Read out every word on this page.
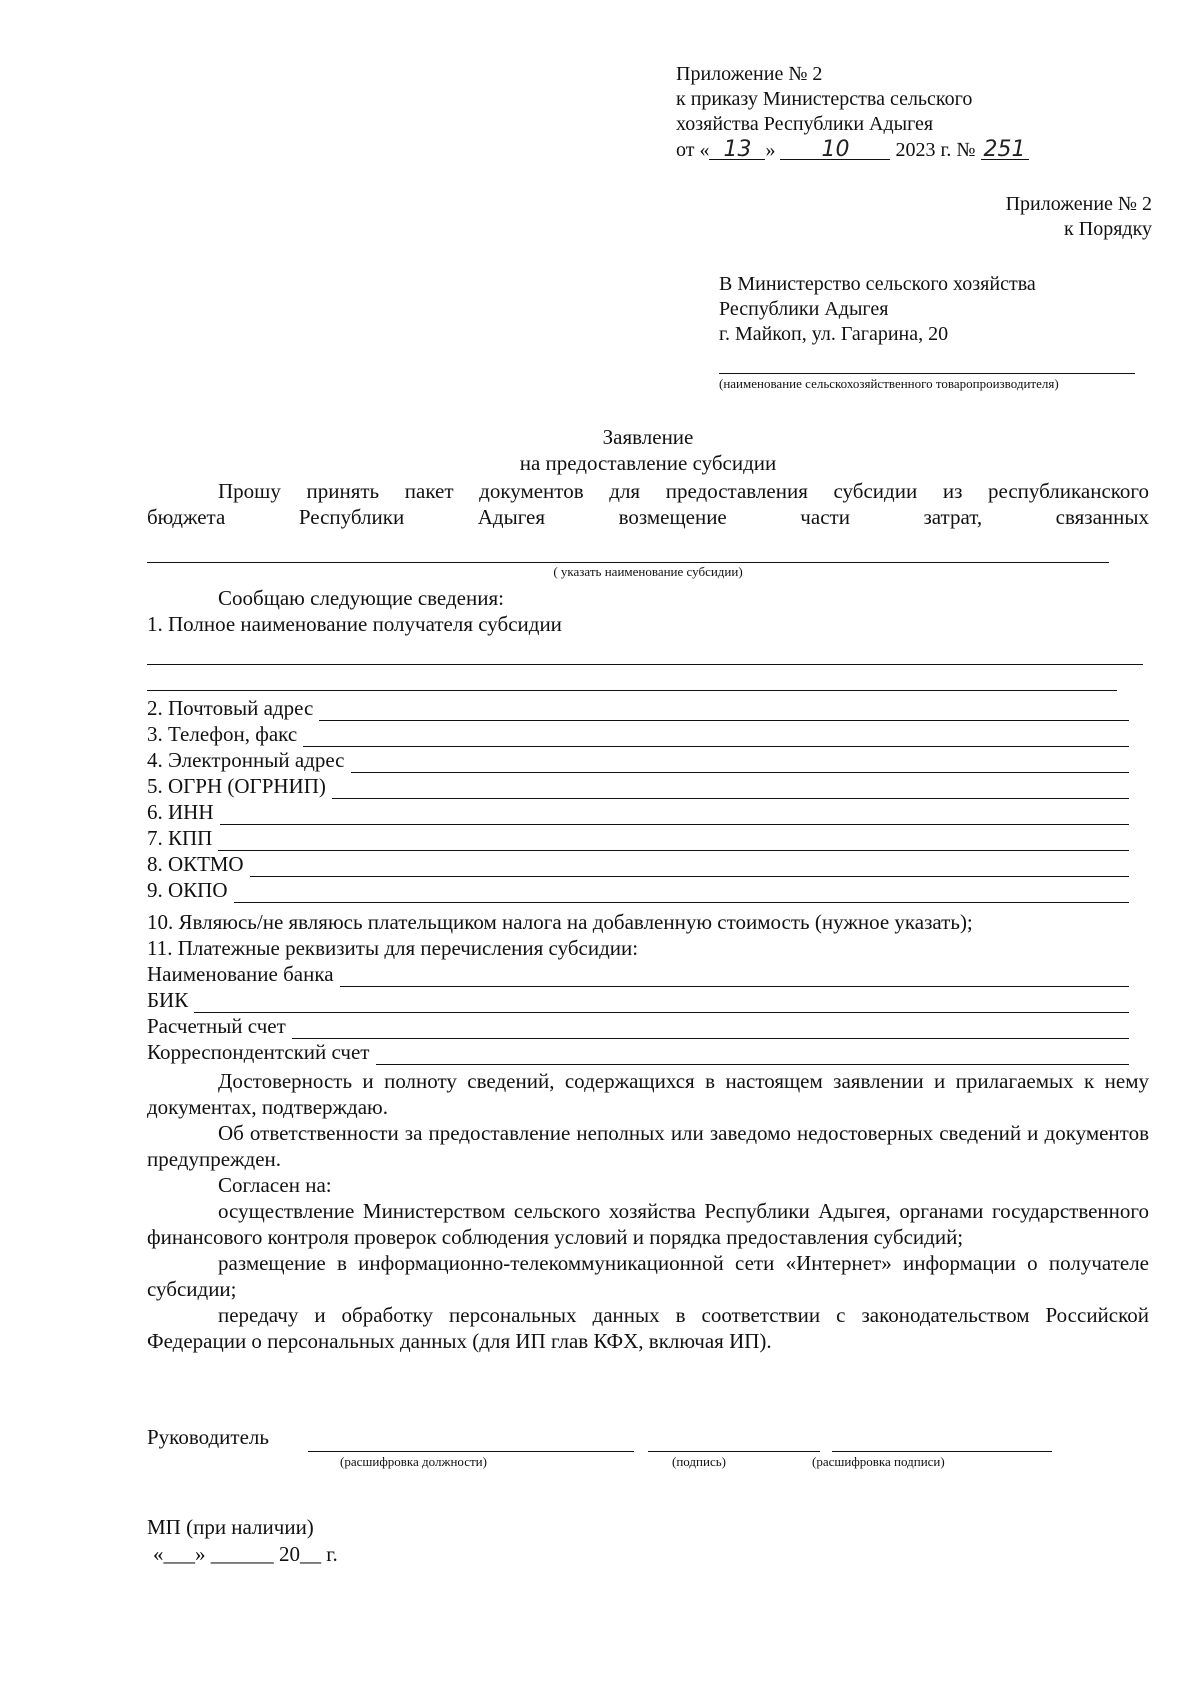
Приложение № 2
к приказу Министерства сельского
хозяйства Республики Адыгея
от « 13 » 10 2023 г. № 251
Приложение № 2
к Порядку
В Министерство сельского хозяйства
Республики Адыгея
г. Майкоп, ул. Гагарина, 20
(наименование сельскохозяйственного товаропроизводителя)
Заявление
на предоставление субсидии
Прошу принять пакет документов для предоставления субсидии из республиканского
бюджета Республики Адыгея возмещение части затрат, связанных
( указать наименование субсидии)
Сообщаю следующие сведения:
1. Полное наименование получателя субсидии
2. Почтовый адрес
3. Телефон, факс
4. Электронный адрес
5. ОГРН (ОГРНИП)
6. ИНН
7. КПП
8. ОКТМО
9. ОКПО
10. Являюсь/не являюсь плательщиком налога на добавленную стоимость (нужное указать);
11. Платежные реквизиты для перечисления субсидии:
Наименование банка
БИК
Расчетный счет
Корреспондентский счет
Достоверность и полноту сведений, содержащихся в настоящем заявлении и прилагаемых к нему документах, подтверждаю.
Об ответственности за предоставление неполных или заведомо недостоверных сведений и документов предупрежден.
Согласен на:
осуществление Министерством сельского хозяйства Республики Адыгея, органами государственного финансового контроля проверок соблюдения условий и порядка предоставления субсидий;
размещение в информационно-телекоммуникационной сети «Интернет» информации о получателе субсидии;
передачу и обработку персональных данных в соответствии с законодательством Российской Федерации о персональных данных (для ИП глав КФХ, включая ИП).
Руководитель
(расшифровка должности)	(подпись)	(расшифровка подписи)
МП (при наличии)
«___» ______ 20__ г.
